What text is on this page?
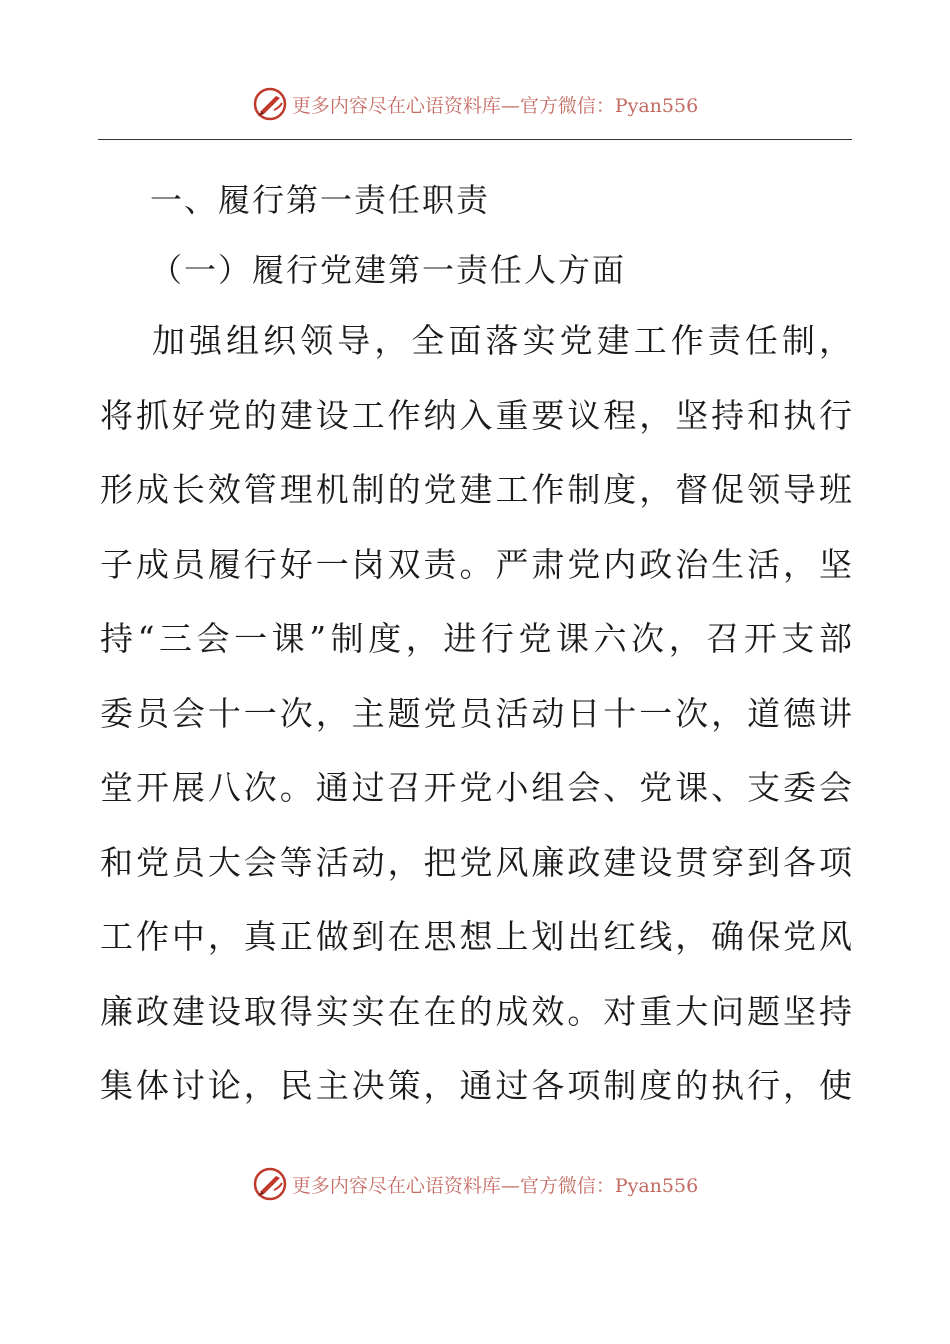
更多内容尽在心语资料库—官方微信：Pyan556
一、履行第一责任职责
（一）履行党建第一责任人方面
加强组织领导，全面落实党建工作责任制，
将抓好党的建设工作纳入重要议程，坚持和执行
形成长效管理机制的党建工作制度，督促领导班
子成员履行好一岗双责。严肃党内政治生活，坚
持“三会一课”制度，进行党课六次，召开支部
委员会十一次，主题党员活动日十一次，道德讲
堂开展八次。通过召开党小组会、党课、支委会
和党员大会等活动，把党风廉政建设贯穿到各项
工作中，真正做到在思想上划出红线，确保党风
廉政建设取得实实在在的成效。对重大问题坚持
集体讨论，民主决策，通过各项制度的执行，使
更多内容尽在心语资料库—官方微信：Pyan556
